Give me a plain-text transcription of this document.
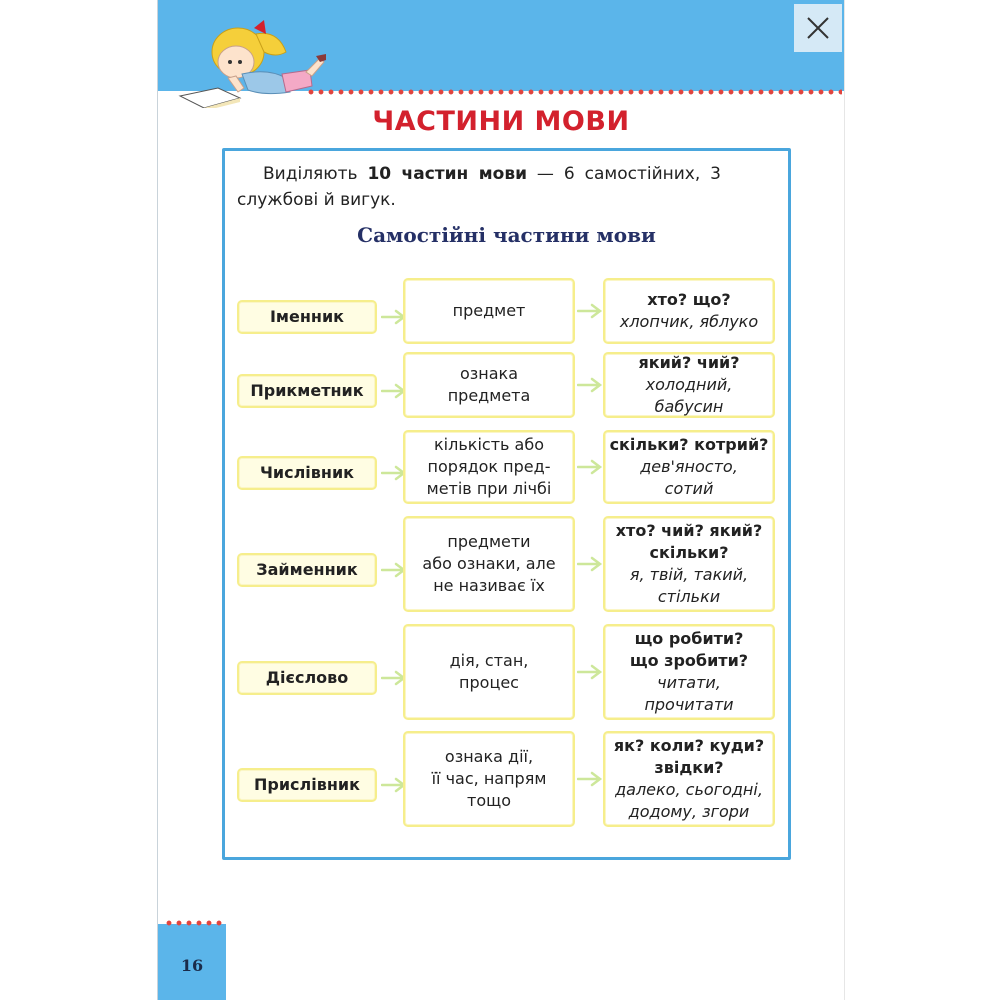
ЧАСТИНИ МОВИ
Виділяють 10 частин мови — 6 самостійних, 3 службові й вигук.
Самостійні частини мови
Іменник	предмет
хто? що?
хлопчик, яблуко
Прикметник
ознака
предмета
який? чий?
холодний,
бабусин
Числівник
кількість або
порядок пред-
метів при лічбі
скільки? котрий?
дев'яносто,
сотий
Займенник
предмети
або ознаки, але
не називає їх
хто? чий? який?
скільки?
я, твій, такий,
стільки
Дієслово
дія, стан,
процес
що робити?
що зробити?
читати,
прочитати
Прислівник
ознака дії,
її час, напрям
тощо
як? коли? куди?
звідки?
далеко, сьогодні,
додому, згори
16
